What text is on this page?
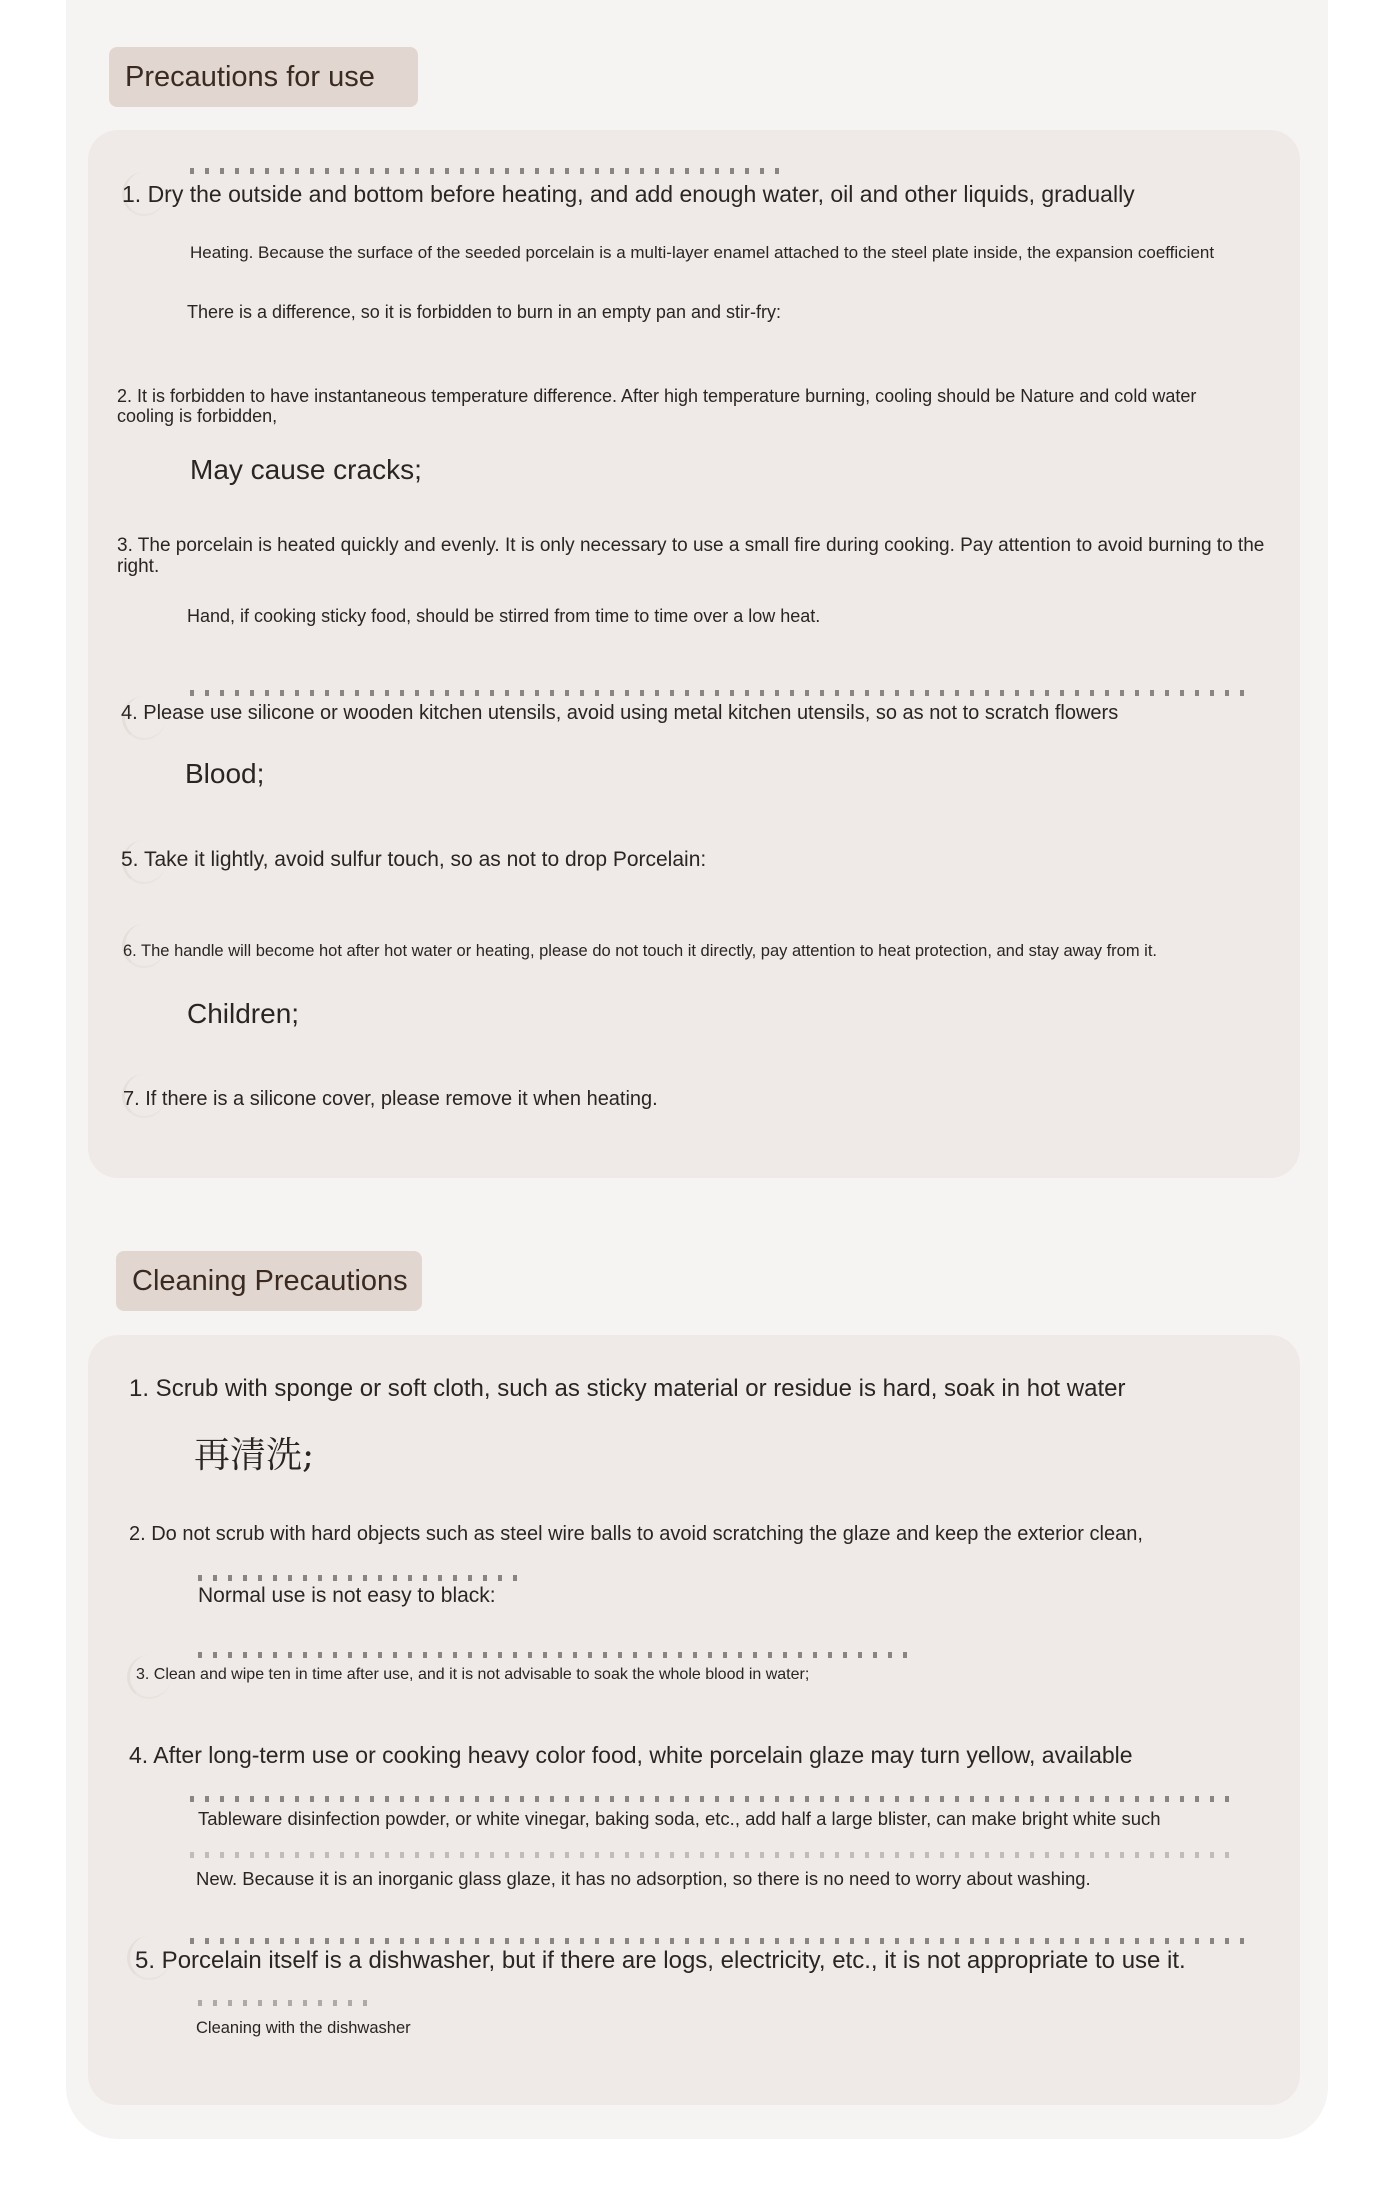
Precautions for use
1. Dry the outside and bottom before heating, and add enough water, oil and other liquids, gradually
Heating. Because the surface of the seeded porcelain is a multi-layer enamel attached to the steel plate inside, the expansion coefficient
There is a difference, so it is forbidden to burn in an empty pan and stir-fry:
2. It is forbidden to have instantaneous temperature difference. After high temperature burning, cooling should be Nature and cold water cooling is forbidden,
May cause cracks;
3. The porcelain is heated quickly and evenly. It is only necessary to use a small fire during cooking. Pay attention to avoid burning to the right.
Hand, if cooking sticky food, should be stirred from time to time over a low heat.
4. Please use silicone or wooden kitchen utensils, avoid using metal kitchen utensils, so as not to scratch flowers
Blood;
5. Take it lightly, avoid sulfur touch, so as not to drop Porcelain:
6. The handle will become hot after hot water or heating, please do not touch it directly, pay attention to heat protection, and stay away from it.
Children;
7. If there is a silicone cover, please remove it when heating.
Cleaning Precautions
1. Scrub with sponge or soft cloth, such as sticky material or residue is hard, soak in hot water
再清洗;
2. Do not scrub with hard objects such as steel wire balls to avoid scratching the glaze and keep the exterior clean,
Normal use is not easy to black:
3. Clean and wipe ten in time after use, and it is not advisable to soak the whole blood in water;
4. After long-term use or cooking heavy color food, white porcelain glaze may turn yellow, available
Tableware disinfection powder, or white vinegar, baking soda, etc., add half a large blister, can make bright white such
New. Because it is an inorganic glass glaze, it has no adsorption, so there is no need to worry about washing.
5. Porcelain itself is a dishwasher, but if there are logs, electricity, etc., it is not appropriate to use it.
Cleaning with the dishwasher
